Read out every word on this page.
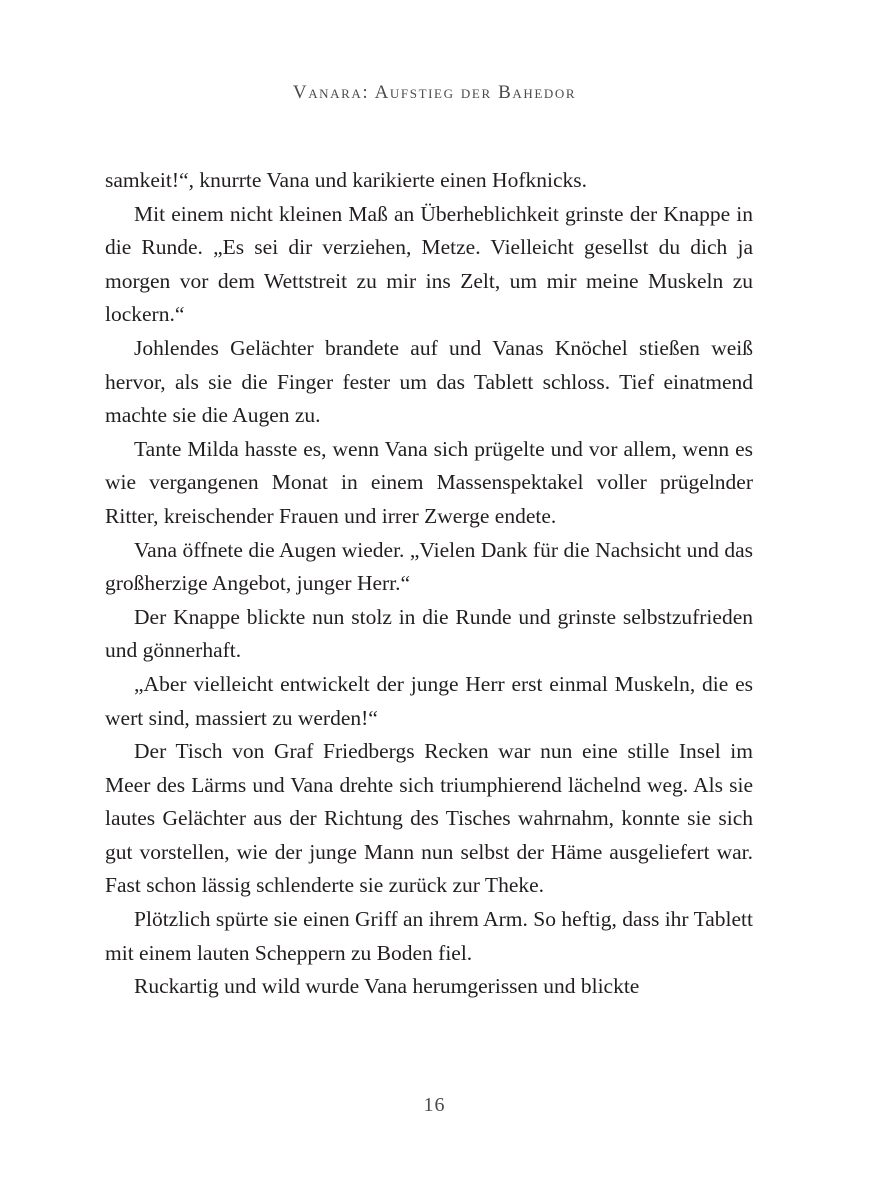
Vanara: Aufstieg der Bahedor

samkeit!“, knurrte Vana und karikierte einen Hofknicks.

Mit einem nicht kleinen Maß an Überheblichkeit grinste der Knappe in die Runde. „Es sei dir verziehen, Metze. Vielleicht gesellst du dich ja morgen vor dem Wettstreit zu mir ins Zelt, um mir meine Muskeln zu lockern.“

Johlendes Gelächter brandete auf und Vanas Knöchel stießen weiß hervor, als sie die Finger fester um das Tablett schloss. Tief einatmend machte sie die Augen zu.

Tante Milda hasste es, wenn Vana sich prügelte und vor allem, wenn es wie vergangenen Monat in einem Massenspektakel voller prügelnder Ritter, kreischender Frauen und irrer Zwerge endete.

Vana öffnete die Augen wieder. „Vielen Dank für die Nachsicht und das großherzige Angebot, junger Herr.“

Der Knappe blickte nun stolz in die Runde und grinste selbstzufrieden und gönnerhaft.

„Aber vielleicht entwickelt der junge Herr erst einmal Muskeln, die es wert sind, massiert zu werden!“

Der Tisch von Graf Friedbergs Recken war nun eine stille Insel im Meer des Lärms und Vana drehte sich triumphierend lächelnd weg. Als sie lautes Gelächter aus der Richtung des Tisches wahrnahm, konnte sie sich gut vorstellen, wie der junge Mann nun selbst der Häme ausgeliefert war. Fast schon lässig schlenderte sie zurück zur Theke.

Plötzlich spürte sie einen Griff an ihrem Arm. So heftig, dass ihr Tablett mit einem lauten Scheppern zu Boden fiel.

Ruckartig und wild wurde Vana herumgerissen und blickte

16
